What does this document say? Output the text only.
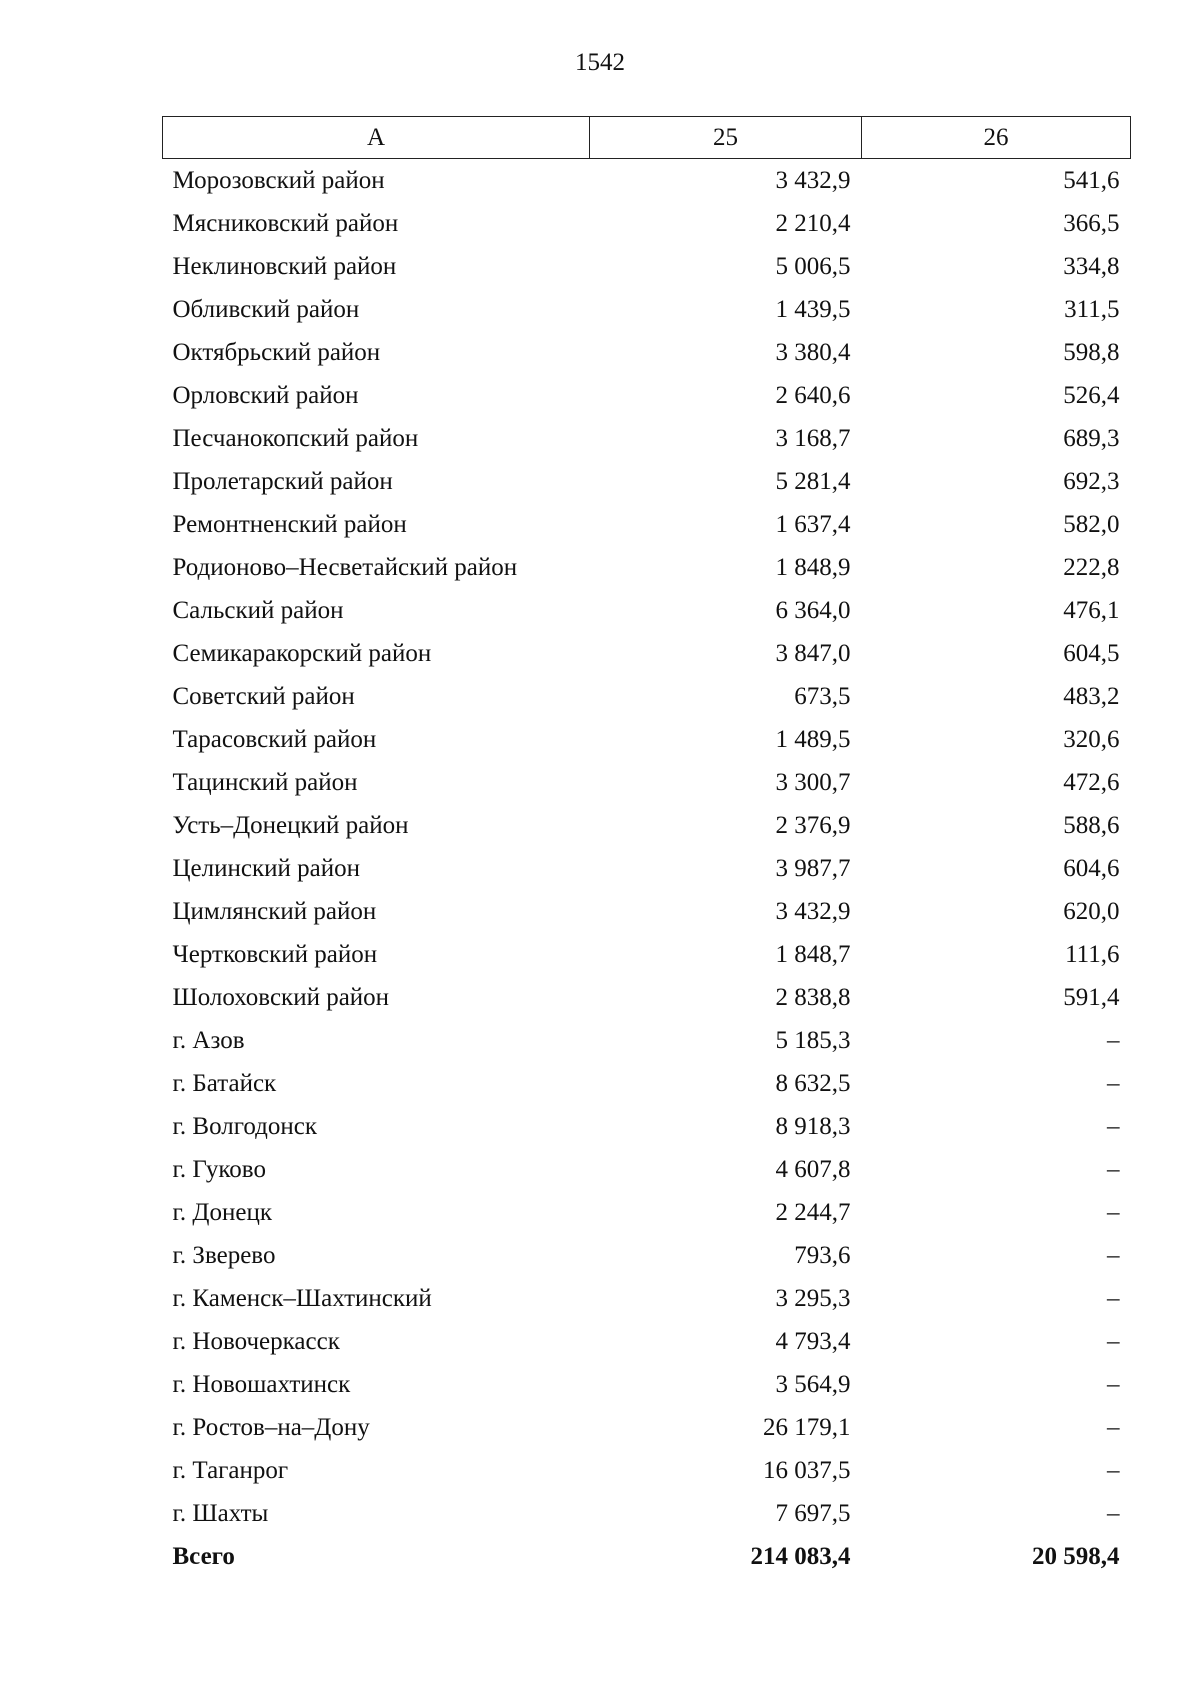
1542
А	25	26
Морозовский район	3 432,9	541,6
Мясниковский район	2 210,4	366,5
Неклиновский район	5 006,5	334,8
Обливский район	1 439,5	311,5
Октябрьский район	3 380,4	598,8
Орловский район	2 640,6	526,4
Песчанокопский район	3 168,7	689,3
Пролетарский район	5 281,4	692,3
Ремонтненский район	1 637,4	582,0
Родионово–Несветайский район	1 848,9	222,8
Сальский район	6 364,0	476,1
Семикаракорский район	3 847,0	604,5
Советский район	673,5	483,2
Тарасовский район	1 489,5	320,6
Тацинский район	3 300,7	472,6
Усть–Донецкий район	2 376,9	588,6
Целинский район	3 987,7	604,6
Цимлянский район	3 432,9	620,0
Чертковский район	1 848,7	111,6
Шолоховский район	2 838,8	591,4
г. Азов	5 185,3	–
г. Батайск	8 632,5	–
г. Волгодонск	8 918,3	–
г. Гуково	4 607,8	–
г. Донецк	2 244,7	–
г. Зверево	793,6	–
г. Каменск–Шахтинский	3 295,3	–
г. Новочеркасск	4 793,4	–
г. Новошахтинск	3 564,9	–
г. Ростов–на–Дону	26 179,1	–
г. Таганрог	16 037,5	–
г. Шахты	7 697,5	–
Всего	214 083,4	20 598,4
